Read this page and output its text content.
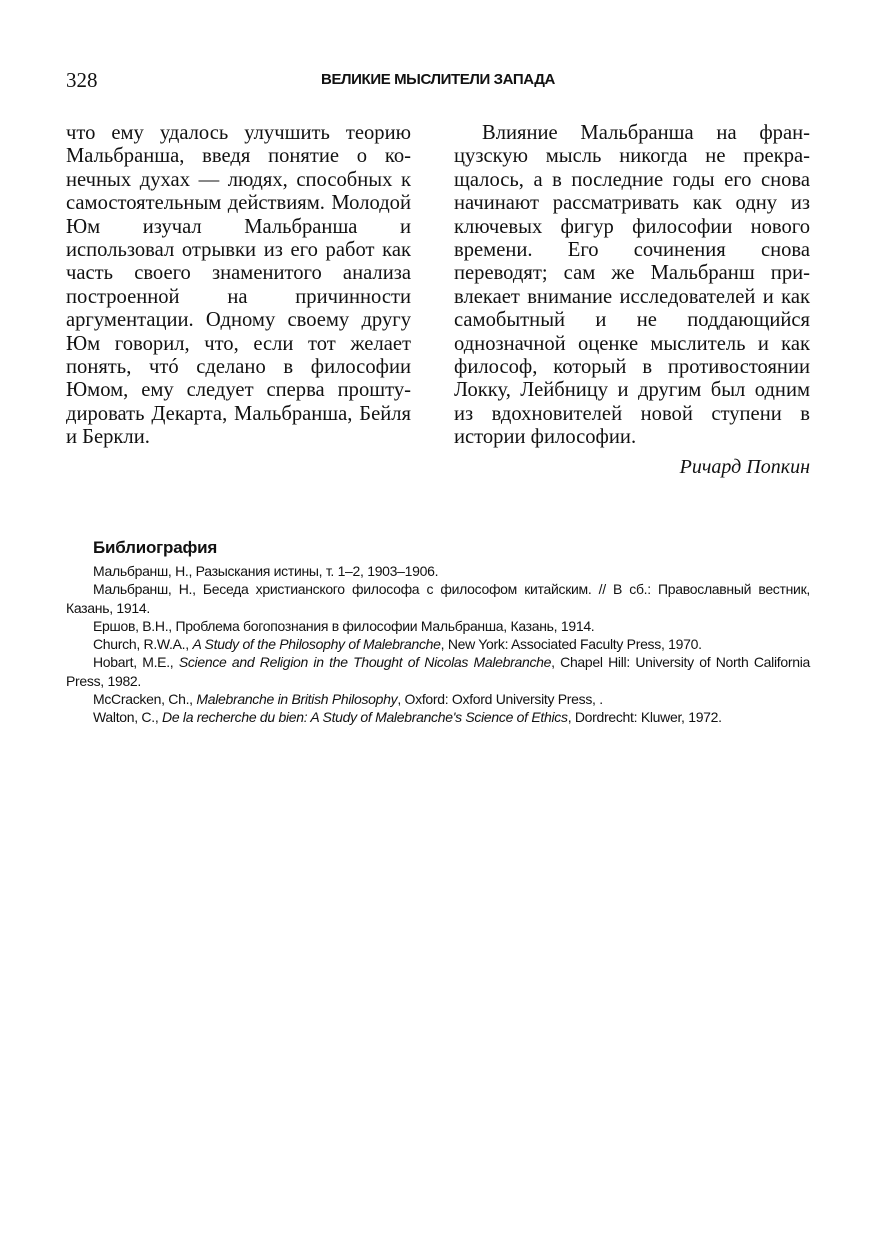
328	ВЕЛИКИЕ МЫСЛИТЕЛИ ЗАПАДА

что ему удалось улучшить теорию Мальбранша, введя понятие о конечных духах — людях, способных к самостоятельным действиям. Молодой Юм изучал Мальбранша и использовал отрывки из его работ как часть своего знаменитого анализа построенной на причинности аргументации. Одному своему другу Юм говорил, что, если тот желает понять, чтó сделано в философии Юмом, ему следует сперва проштудировать Декарта, Мальбранша, Бейля и Беркли.

Влияние Мальбранша на французскую мысль никогда не прекращалось, а в последние годы его снова начинают рассматривать как одну из ключевых фигур философии нового времени. Его сочинения снова переводят; сам же Мальбранш привлекает внимание исследователей и как самобытный и не поддающийся однозначной оценке мыслитель и как философ, который в противостоянии Локку, Лейбницу и другим был одним из вдохновителей новой ступени в истории философии.

Ричард Попкин
Библиография
Мальбранш, Н., Разыскания истины, т. 1–2, 1903–1906.
Мальбранш, Н., Беседа христианского философа с философом китайским. // В сб.: Православный вестник, Казань, 1914.
Ершов, В.Н., Проблема богопознания в философии Мальбранша, Казань, 1914.
Church, R.W.A., A Study of the Philosophy of Malebranche, New York: Associated Faculty Press, 1970.
Hobart, M.E., Science and Religion in the Thought of Nicolas Malebranche, Chapel Hill: University of North California Press, 1982.
McCracken, Ch., Malebranche in British Philosophy, Oxford: Oxford University Press, .
Walton, C., De la recherche du bien: A Study of Malebranche's Science of Ethics, Dordrecht: Kluwer, 1972.
